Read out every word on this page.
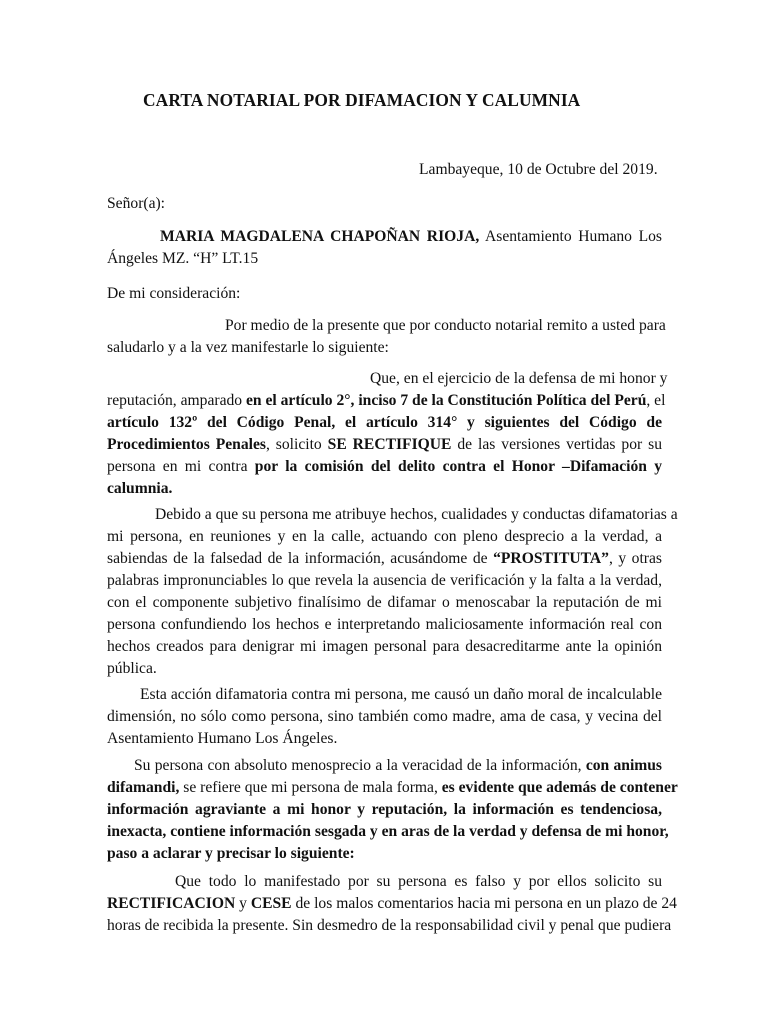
CARTA NOTARIAL POR DIFAMACION Y CALUMNIA
Lambayeque, 10 de Octubre del 2019.
Señor(a):
MARIA MAGDALENA CHAPOÑAN RIOJA, Asentamiento Humano Los
Ángeles MZ. “H” LT.15
De mi consideración:
Por medio de la presente que por conducto notarial remito a usted para
saludarlo y a la vez manifestarle lo siguiente:
Que, en el ejercicio de la defensa de mi honor y
reputación, amparado en el artículo 2°, inciso 7 de la Constitución Política del Perú, el
artículo 132º del Código Penal, el artículo 314° y siguientes del Código de
Procedimientos Penales, solicito SE RECTIFIQUE de las versiones vertidas por su
persona en mi contra por la comisión del delito contra el Honor –Difamación y
calumnia.
Debido a que su persona me atribuye hechos, cualidades y conductas difamatorias a
mi persona, en reuniones y en la calle, actuando con pleno desprecio a la verdad, a
sabiendas de la falsedad de la información, acusándome de “PROSTITUTA”, y otras
palabras impronunciables lo que revela la ausencia de verificación y la falta a la verdad,
con el componente subjetivo finalísimo de difamar o menoscabar la reputación de mi
persona confundiendo los hechos e interpretando maliciosamente información real con
hechos creados para denigrar mi imagen personal para desacreditarme ante la opinión
pública.
Esta acción difamatoria contra mi persona, me causó un daño moral de incalculable
dimensión, no sólo como persona, sino también como madre, ama de casa, y vecina del
Asentamiento Humano Los Ángeles.
Su persona con absoluto menosprecio a la veracidad de la información, con animus
difamandi, se refiere que mi persona de mala forma, es evidente que además de contener
información agraviante a mi honor y reputación, la información es tendenciosa,
inexacta, contiene información sesgada y en aras de la verdad y defensa de mi honor,
paso a aclarar y precisar lo siguiente:
Que todo lo manifestado por su persona es falso y por ellos solicito su
RECTIFICACION y CESE de los malos comentarios hacia mi persona en un plazo de 24
horas de recibida la presente. Sin desmedro de la responsabilidad civil y penal que pudiera
